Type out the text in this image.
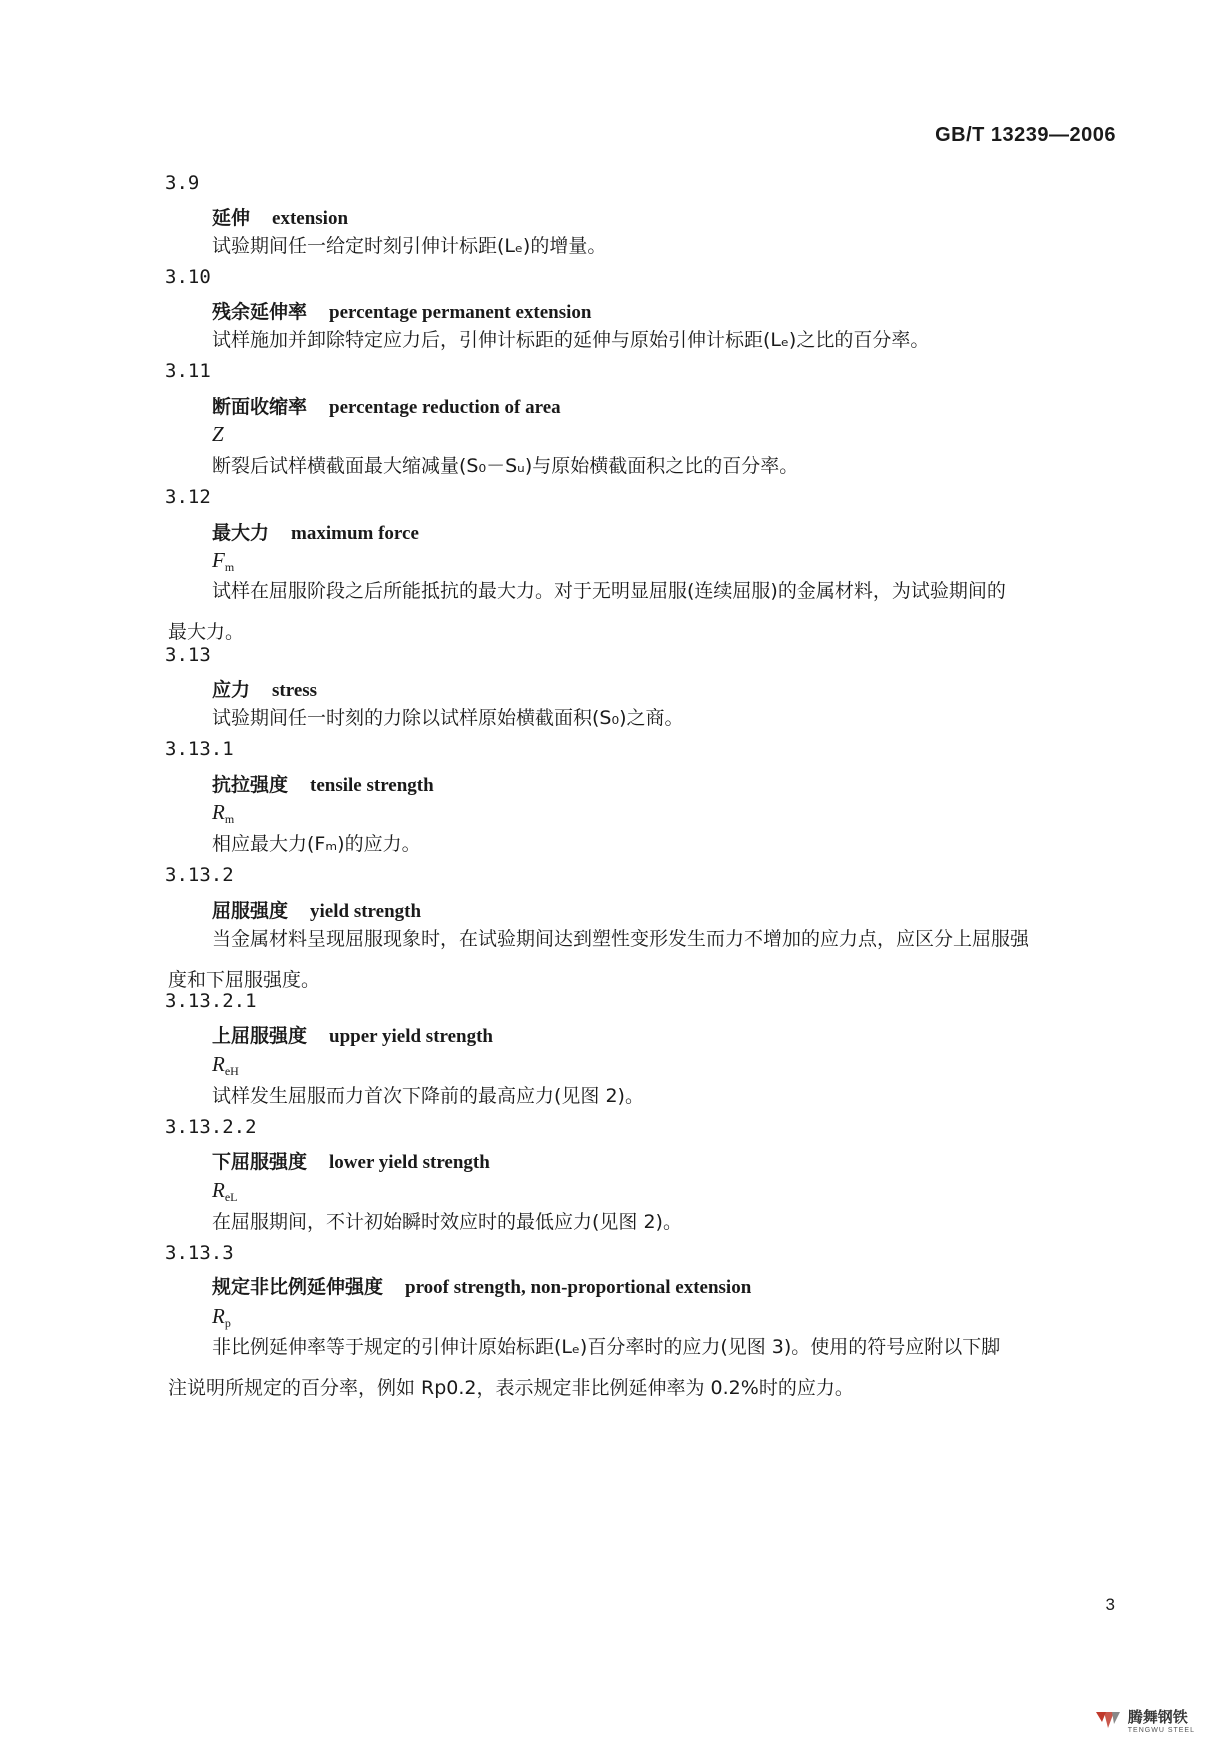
GB/T 13239—2006
3.9
延伸 extension
试验期间任一给定时刻引伸计标距(Lₑ)的增量。
3.10
残余延伸率 percentage permanent extension
试样施加并卸除特定应力后，引伸计标距的延伸与原始引伸计标距(Lₑ)之比的百分率。
3.11
断面收缩率 percentage reduction of area
Z
断裂后试样横截面最大缩减量(S₀－Sᵤ)与原始横截面积之比的百分率。
3.12
最大力 maximum force
$F_m$
试样在屈服阶段之后所能抵抗的最大力。对于无明显屈服(连续屈服)的金属材料，为试验期间的
最大力。
3.13
应力 stress
试验期间任一时刻的力除以试样原始横截面积(S₀)之商。
3.13.1
抗拉强度 tensile strength
$R_m$
相应最大力(Fₘ)的应力。
3.13.2
屈服强度 yield strength
当金属材料呈现屈服现象时，在试验期间达到塑性变形发生而力不增加的应力点，应区分上屈服强
度和下屈服强度。
3.13.2.1
上屈服强度 upper yield strength
$R_{eH}$
试样发生屈服而力首次下降前的最高应力(见图 2)。
3.13.2.2
下屈服强度 lower yield strength
$R_{eL}$
在屈服期间，不计初始瞬时效应时的最低应力(见图 2)。
3.13.3
规定非比例延伸强度 proof strength, non-proportional extension
$R_p$
非比例延伸率等于规定的引伸计原始标距(Lₑ)百分率时的应力(见图 3)。使用的符号应附以下脚
注说明所规定的百分率，例如 Rp0.2，表示规定非比例延伸率为 0.2%时的应力。
3
腾舞钢铁
TENGWU STEEL
